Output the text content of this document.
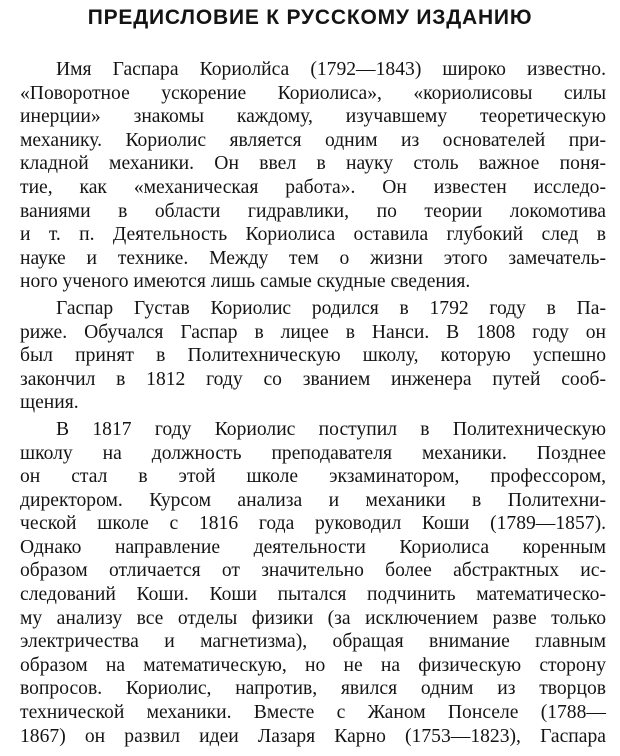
ПРЕДИСЛОВИЕ К РУССКОМУ ИЗДАНИЮ
Имя Гаспара Кориолйса (1792—1843) широко известно.
«Поворотное ускорение Кориолиса», «кориолисовы силы
инерции» знакомы каждому, изучавшему теоретическую
механику. Кориолис является одним из основателей при-
кладной механики. Он ввел в науку столь важное поня-
тие, как «механическая работа». Он известен исследо-
ваниями в области гидравлики, по теории локомотива
и т. п. Деятельность Кориолиса оставила глубокий след в
науке и технике. Между тем о жизни этого замечатель-
ного ученого имеются лишь самые скудные сведения.
Гаспар Густав Кориолис родился в 1792 году в Па-
риже. Обучался Гаспар в лицее в Нанси. В 1808 году он
был принят в Политехническую школу, которую успешно
закончил в 1812 году со званием инженера путей сооб-
щения.
В 1817 году Кориолис поступил в Политехническую
школу на должность преподавателя механики. Позднее
он стал в этой школе экзаминатором, профессором,
директором. Курсом анализа и механики в Политехни-
ческой школе с 1816 года руководил Коши (1789—1857).
Однако направление деятельности Кориолиса коренным
образом отличается от значительно более абстрактных ис-
следований Коши. Коши пытался подчинить математическо-
му анализу все отделы физики (за исключением разве только
электричества и магнетизма), обращая внимание главным
образом на математическую, но не на физическую сторону
вопросов. Кориолис, напротив, явился одним из творцов
технической механики. Вместе с Жаном Понселе (1788—
1867) он развил идеи Лазаря Карно (1753—1823), Гаспара
